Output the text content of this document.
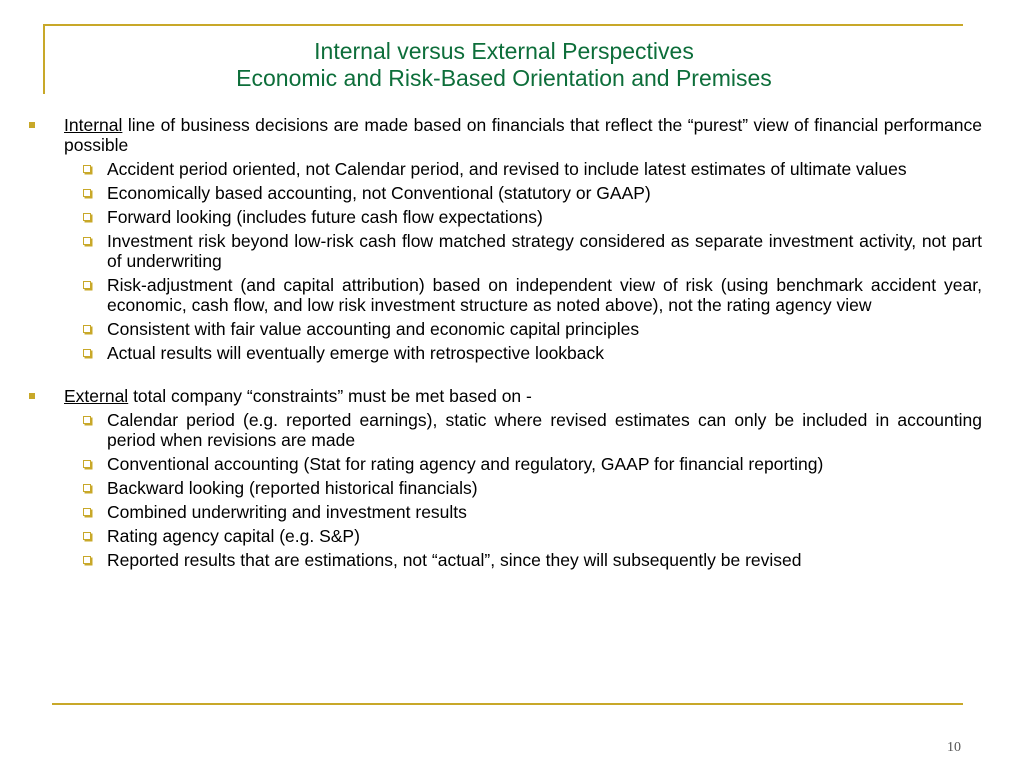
Internal versus External Perspectives
Economic and Risk-Based Orientation and Premises
Internal line of business decisions are made based on financials that reflect the “purest” view of financial performance possible
Accident period oriented, not Calendar period, and revised to include latest estimates of ultimate values
Economically based accounting, not Conventional (statutory or GAAP)
Forward looking (includes future cash flow expectations)
Investment risk beyond low-risk cash flow matched strategy considered as separate investment activity, not part of underwriting
Risk-adjustment (and capital attribution) based on independent view of risk (using benchmark accident year, economic, cash flow, and low risk investment structure as noted above), not the rating agency view
Consistent with fair value accounting and economic capital principles
Actual results will eventually emerge with retrospective lookback
External total company “constraints” must be met based on -
Calendar period (e.g. reported earnings), static where revised estimates can only be included in accounting period when revisions are made
Conventional accounting (Stat for rating agency and regulatory, GAAP for financial reporting)
Backward looking (reported historical financials)
Combined underwriting and investment results
Rating agency capital (e.g. S&P)
Reported results that are estimations, not “actual”, since they will subsequently be revised
10
